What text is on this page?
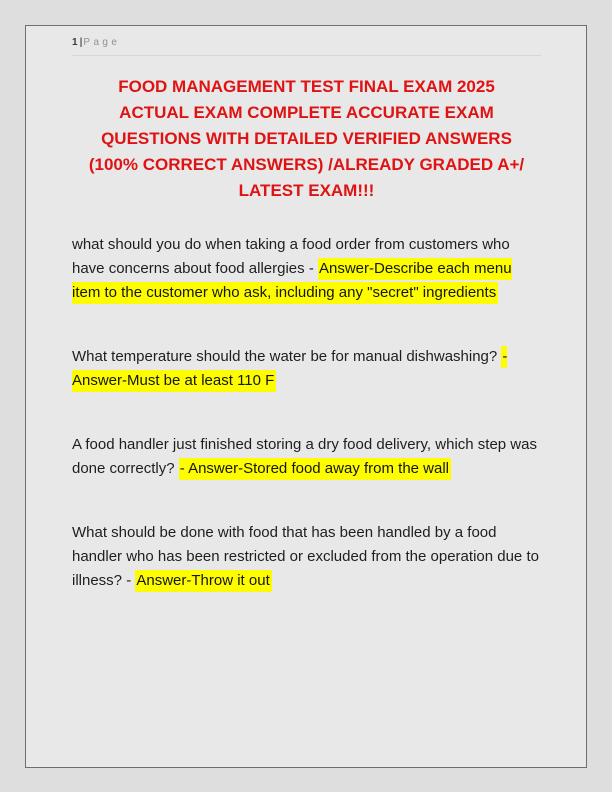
1|Page
FOOD MANAGEMENT TEST FINAL EXAM 2025
ACTUAL EXAM COMPLETE ACCURATE EXAM
QUESTIONS WITH DETAILED VERIFIED ANSWERS
(100% CORRECT ANSWERS) /ALREADY GRADED A+/
LATEST EXAM!!!

what should you do when taking a food order from customers who have concerns about food allergies - Answer-Describe each menu item to the customer who ask, including any "secret" ingredients

What temperature should the water be for manual dishwashing? - Answer-Must be at least 110 F

A food handler just finished storing a dry food delivery, which step was done correctly? - Answer-Stored food away from the wall

What should be done with food that has been handled by a food handler who has been restricted or excluded from the operation due to illness? - Answer-Throw it out
